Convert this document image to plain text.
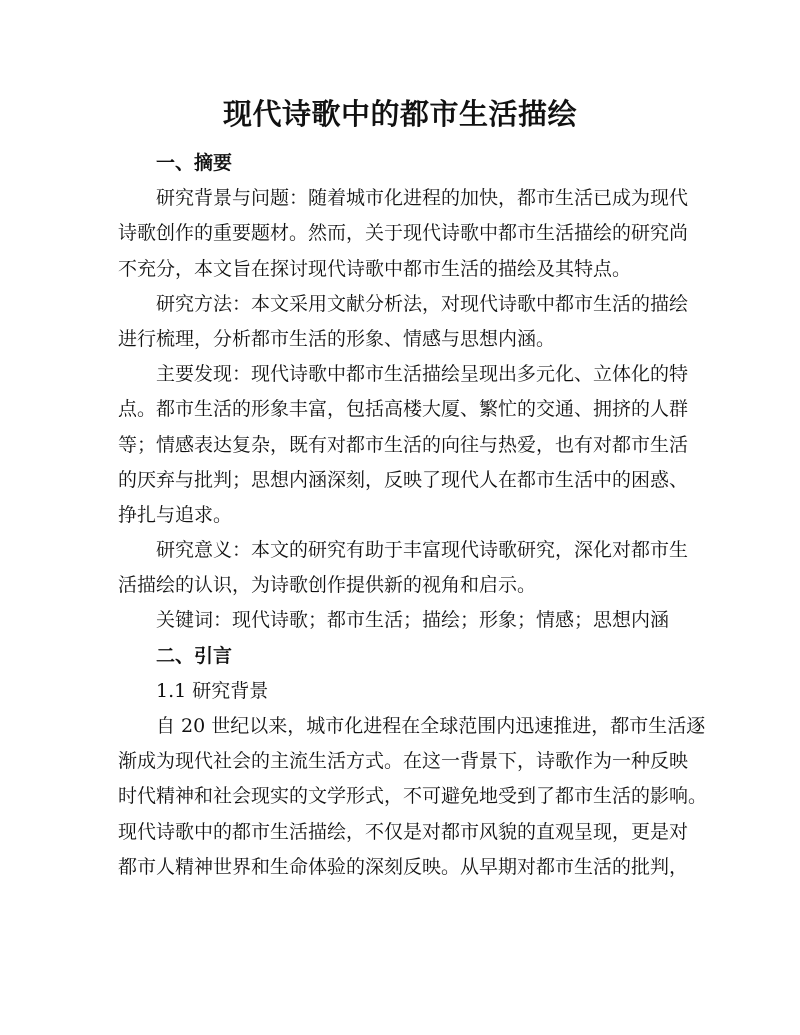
现代诗歌中的都市生活描绘

一、摘要

研究背景与问题：随着城市化进程的加快，都市生活已成为现代

诗歌创作的重要题材。然而，关于现代诗歌中都市生活描绘的研究尚

不充分，本文旨在探讨现代诗歌中都市生活的描绘及其特点。

研究方法：本文采用文献分析法，对现代诗歌中都市生活的描绘

进行梳理，分析都市生活的形象、情感与思想内涵。

主要发现：现代诗歌中都市生活描绘呈现出多元化、立体化的特

点。都市生活的形象丰富，包括高楼大厦、繁忙的交通、拥挤的人群

等；情感表达复杂，既有对都市生活的向往与热爱，也有对都市生活

的厌弃与批判；思想内涵深刻，反映了现代人在都市生活中的困惑、

挣扎与追求。

研究意义：本文的研究有助于丰富现代诗歌研究，深化对都市生

活描绘的认识，为诗歌创作提供新的视角和启示。

关键词：现代诗歌；都市生活；描绘；形象；情感；思想内涵

二、引言

1.1 研究背景

自 20 世纪以来，城市化进程在全球范围内迅速推进，都市生活逐

渐成为现代社会的主流生活方式。在这一背景下，诗歌作为一种反映

时代精神和社会现实的文学形式，不可避免地受到了都市生活的影响。

现代诗歌中的都市生活描绘，不仅是对都市风貌的直观呈现，更是对

都市人精神世界和生命体验的深刻反映。从早期对都市生活的批判，
